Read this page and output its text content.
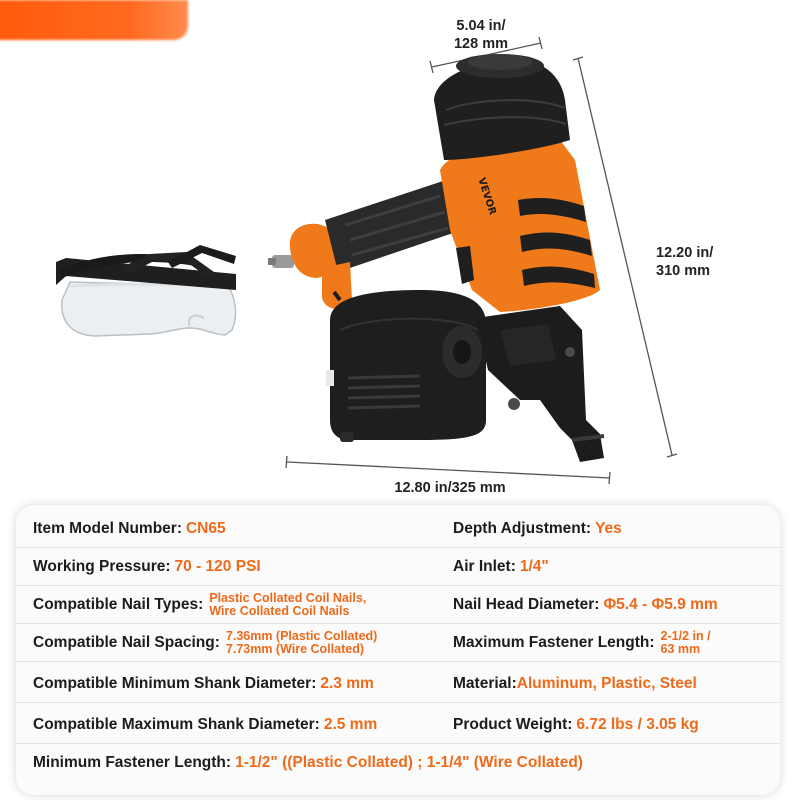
VEVOR
5.04 in/
128 mm
12.20 in/
310 mm
12.80 in/325 mm
Item Model Number: CN65	Depth Adjustment: Yes
Working Pressure: 70 - 120 PSI	Air Inlet: 1/4"
Compatible Nail Types: Plastic Collated Coil Nails,
Wire Collated Coil Nails	Nail Head Diameter: Φ5.4 - Φ5.9 mm
Compatible Nail Spacing: 7.36mm (Plastic Collated)
7.73mm (Wire Collated)	Maximum Fastener Length: 2-1/2 in /
63 mm
Compatible Minimum Shank Diameter: 2.3 mm	Material: Aluminum, Plastic, Steel
Compatible Maximum Shank Diameter: 2.5 mm	Product Weight: 6.72 lbs / 3.05 kg
Minimum Fastener Length: 1-1/2" ((Plastic Collated) ; 1-1/4" (Wire Collated)
